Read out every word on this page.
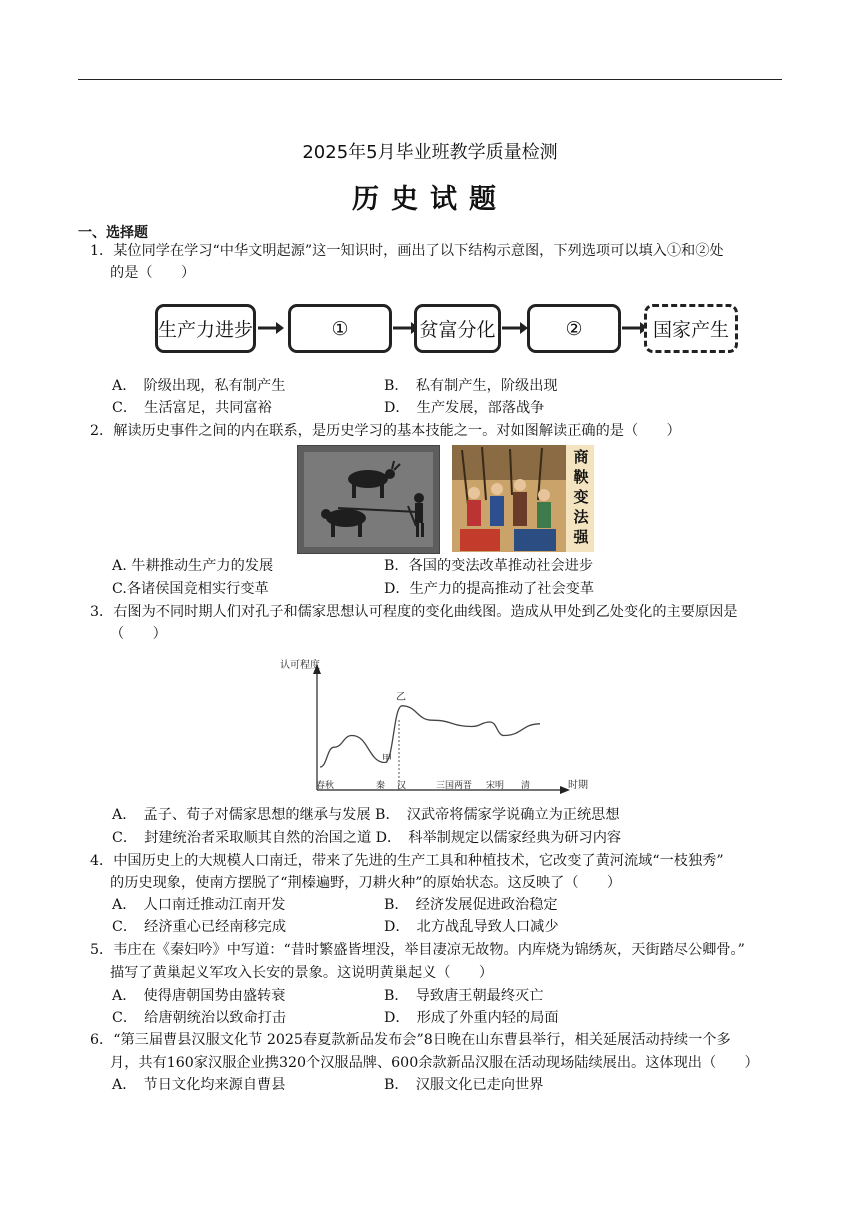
2025年5月毕业班教学质量检测
历史试题
一、选择题
1．某位同学在学习“中华文明起源”这一知识时，画出了以下结构示意图，下列选项可以填入①和②处
的是（　　）
生产力进步	①	贫富分化	②	国家产生
A．　阶级出现，私有制产生	B．　私有制产生，阶级出现
C．　生活富足，共同富裕	D．　生产发展，部落战争
2．解读历史事件之间的内在联系，是历史学习的基本技能之一。对如图解读正确的是（　　）
商
鞅
变
法
强
A. 牛耕推动生产力的发展	B．各国的变法改革推动社会进步
C.各诸侯国竞相实行变革	D．生产力的提高推动了社会变革
3．右图为不同时期人们对孔子和儒家思想认可程度的变化曲线图。造成从甲处到乙处变化的主要原因是
（　　）
认可程度
时期
春秋	秦 汉	三国两晋 宋明 清
甲
乙
A．　孟子、荀子对儒家思想的继承与发展 B．　汉武帝将儒家学说确立为正统思想
C．　封建统治者采取顺其自然的治国之道 D．　科举制规定以儒家经典为研习内容
4．中国历史上的大规模人口南迁，带来了先进的生产工具和种植技术，它改变了黄河流域“一枝独秀”
的历史现象，使南方摆脱了“荆榛遍野，刀耕火种”的原始状态。这反映了（　　）
A．　人口南迁推动江南开发	B．　经济发展促进政治稳定
C．　经济重心已经南移完成	D．　北方战乱导致人口减少
5．韦庄在《秦妇吟》中写道：“昔时繁盛皆埋没，举目凄凉无故物。内库烧为锦绣灰，天街踏尽公卿骨。”
描写了黄巢起义军攻入长安的景象。这说明黄巢起义（　　）
A．　使得唐朝国势由盛转衰	B．　导致唐王朝最终灭亡
C．　给唐朝统治以致命打击	D．　形成了外重内轻的局面
6．“第三届曹县汉服文化节 2025春夏款新品发布会”8日晚在山东曹县举行，相关延展活动持续一个多
月，共有160家汉服企业携320个汉服品牌、600余款新品汉服在活动现场陆续展出。这体现出（　　）
A．　节日文化均来源自曹县	B．　汉服文化已走向世界
